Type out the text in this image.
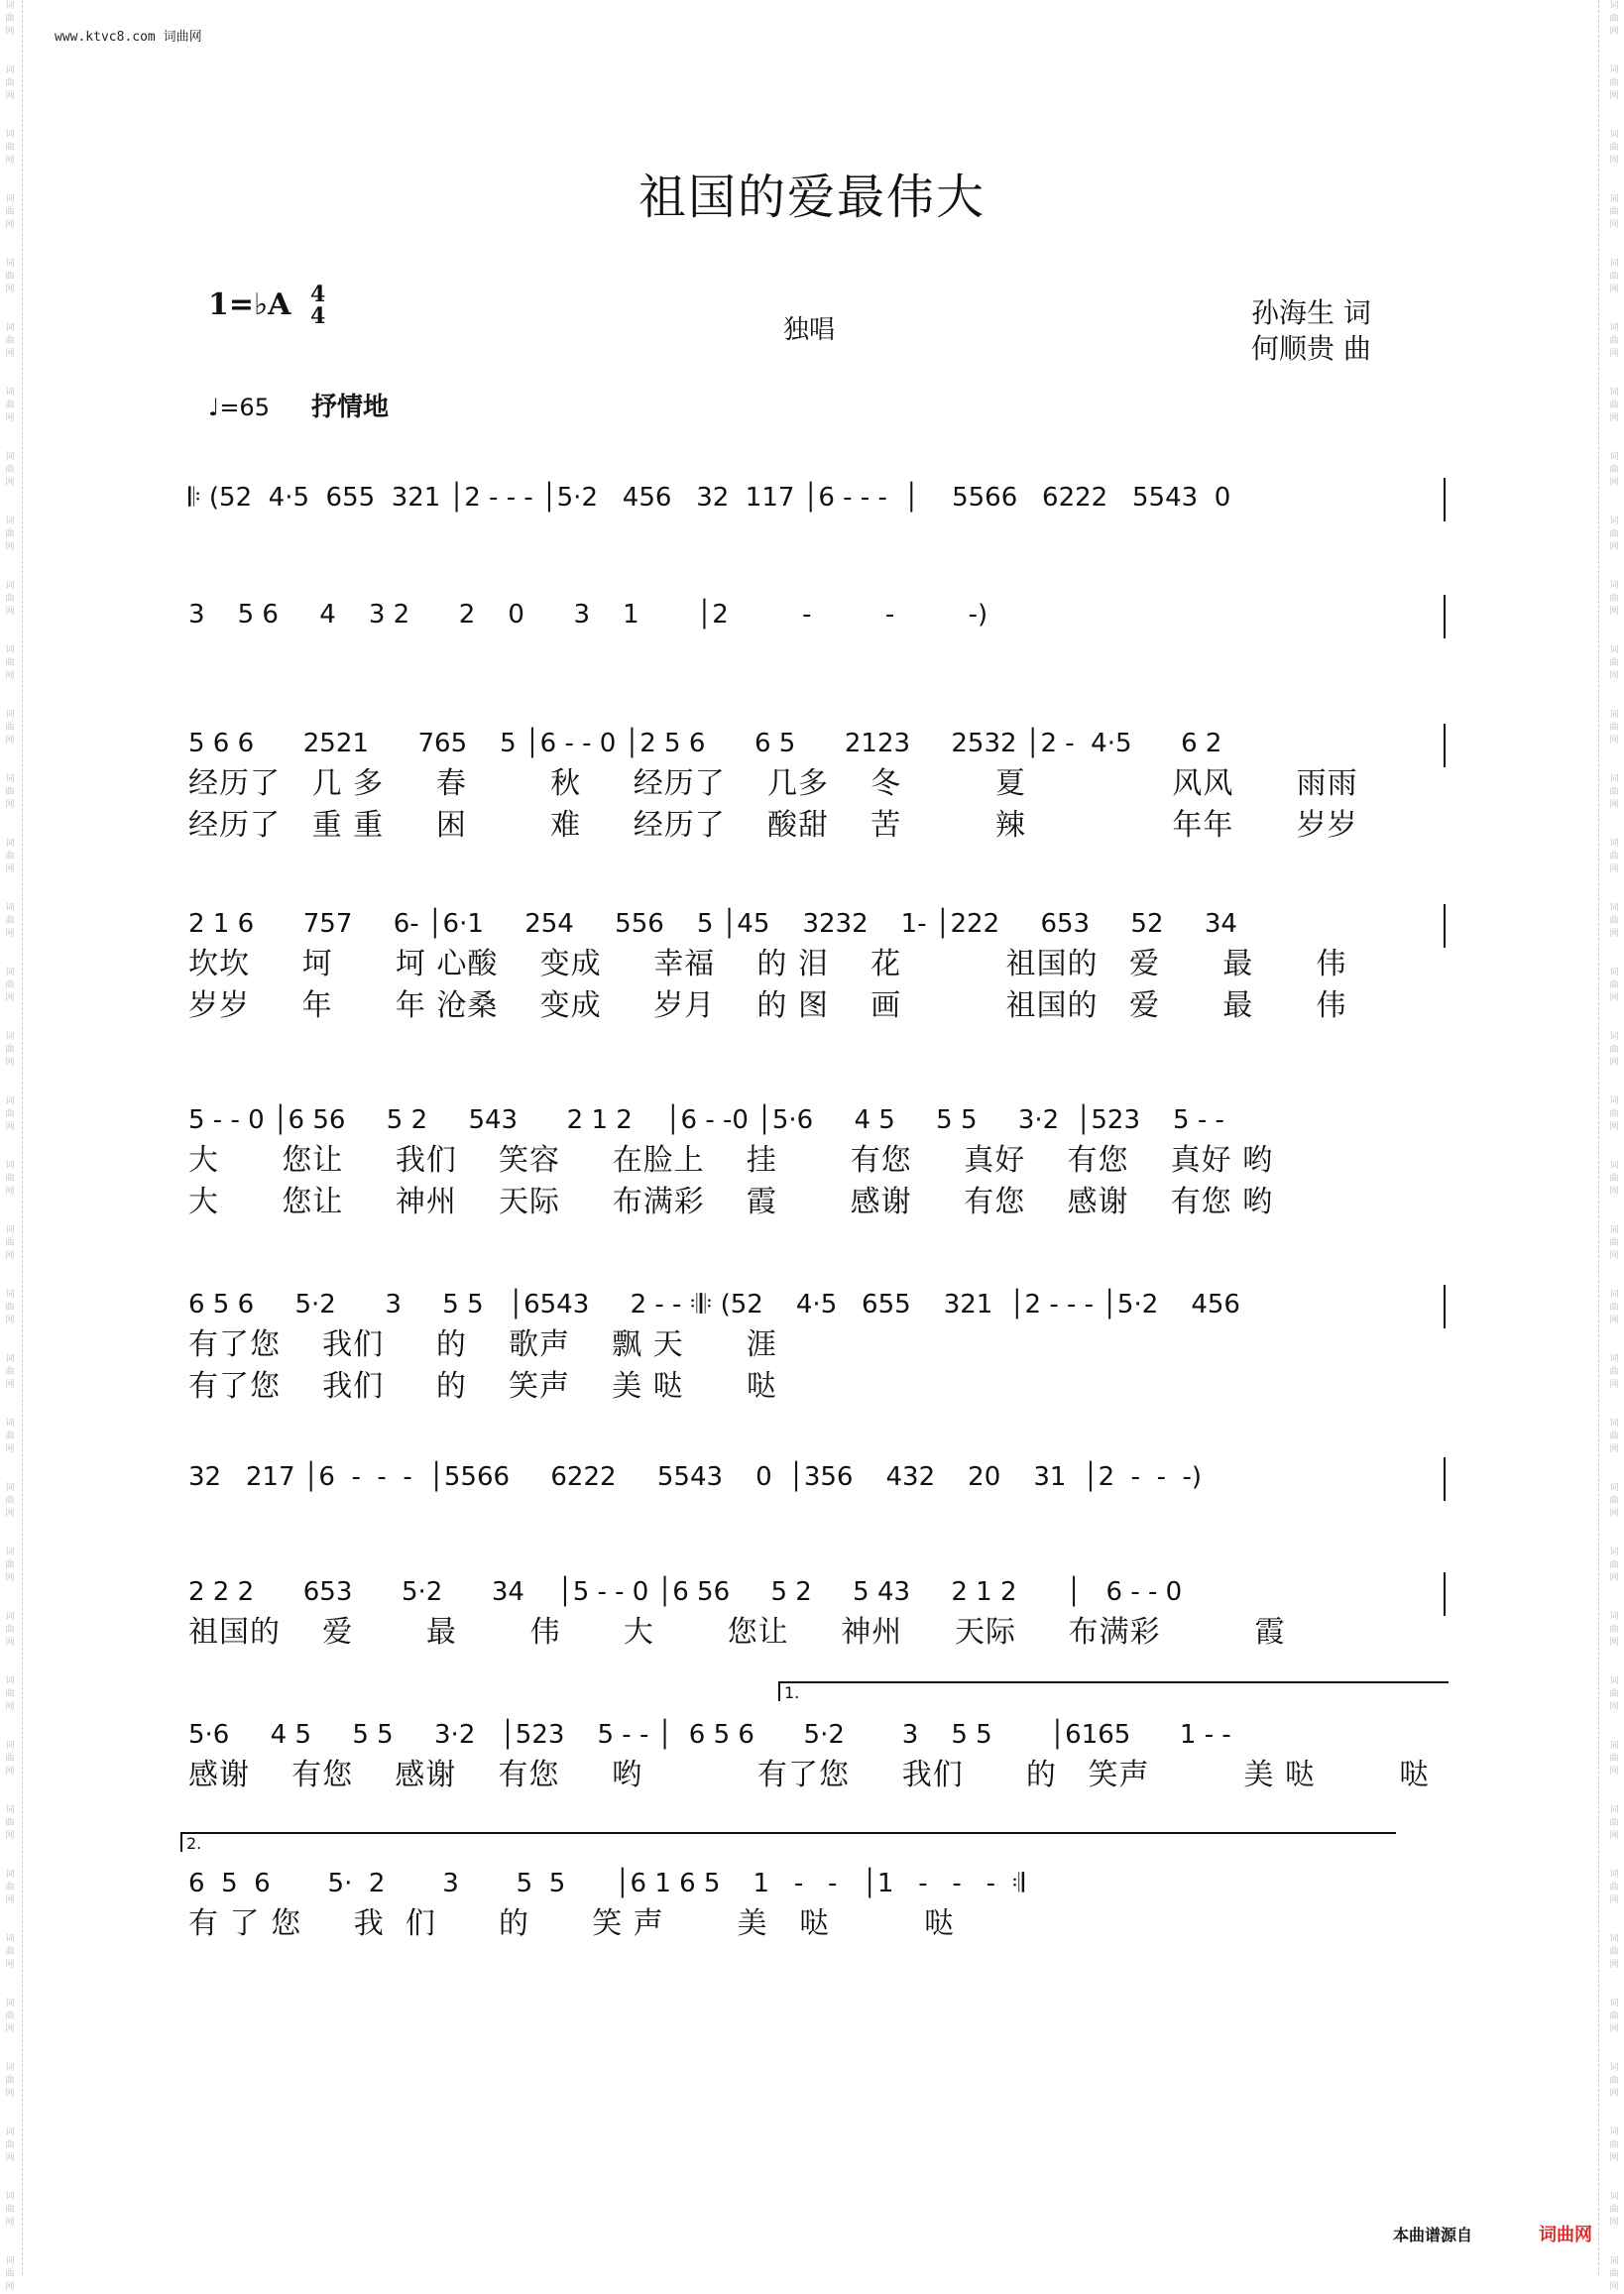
词
曲
网

词
曲
网

词
曲
网

词
曲
网

词
曲
网

词
曲
网

词
曲
网

词
曲
网

词
曲
网

词
曲
网

词
曲
网

词
曲
网

词
曲
网

词
曲
网

词
曲
网

词
曲
网

词
曲
网

词
曲
网

词
曲
网

词
曲
网

词
曲
网

词
曲
网

词
曲
网

词
曲
网

词
曲
网

词
曲
网

词
曲
网

词
曲
网

词
曲
网

词
曲
网

词
曲
网

词
曲
网

词
曲
网

词
曲
网

词
曲
网

词
曲
网
词
曲
网

词
曲
网

词
曲
网

词
曲
网

词
曲
网

词
曲
网

词
曲
网

词
曲
网

词
曲
网

词
曲
网

词
曲
网

词
曲
网

词
曲
网

词
曲
网

词
曲
网

词
曲
网

词
曲
网

词
曲
网

词
曲
网

词
曲
网

词
曲
网

词
曲
网

词
曲
网

词
曲
网

词
曲
网

词
曲
网

词
曲
网

词
曲
网

词
曲
网

词
曲
网

词
曲
网

词
曲
网

词
曲
网

词
曲
网

词
曲
网

词
曲
网
www.ktvc8.com 词曲网
祖国的爱最伟大
1=♭A 4
4	独唱
孙海生 词
何顺贵 曲
♩=65 抒情地
𝄆 (52  4·5  655  321 │2 - - - │5·2   456   32  117 │6 - - -  │    5566   6222   5543  0
3    5 6     4    3 2      2    0      3    1       │2         -         -         -)
5 6 6      2521      765    5 │6 - - 0 │2 5 6      6 5      2123     2532 │2 -  4·5      6 2
经历了   几 多     春        秋     经历了    几多    冬         夏              风风      雨雨
经历了   重 重     困        难     经历了    酸甜    苦         辣              年年      岁岁
2 1 6      757     6- │6·1     254     556    5 │45    3232    1- │222     653     52     34
坎坎     坷      坷 心酸    变成     幸福    的 泪    花          祖国的   爱      最      伟
岁岁     年      年 沧桑    变成     岁月    的 图    画          祖国的   爱      最      伟
5 - - 0 │6 56     5 2     543      2 1 2    │6 - -0 │5·6     4 5     5 5     3·2  │523    5 - -
大      您让     我们    笑容     在脸上    挂       有您     真好    有您    真好 哟
大      您让     神州    天际     布满彩    霞       感谢     有您    感谢    有您 哟
6 5 6     5·2      3     5 5   │6543     2 - - 𝄇𝄆 (52    4·5   655    321  │2 - - - │5·2    456
有了您    我们     的    歌声    飘 天      涯
有了您    我们     的    笑声    美 哒      哒
32   217 │6  -  -  -  │5566     6222     5543    0  │356    432    20    31  │2  -  -  -)
2 2 2      653      5·2      34    │5 - - 0 │6 56     5 2     5 43     2 1 2      │   6 - - 0
祖国的    爱       最       伟      大       您让     神州     天际     布满彩         霞
1.
5·6     4 5     5 5     3·2   │523    5 - - │  6 5 6      5·2       3    5 5       │6165      1 - -
感谢    有您    感谢    有您     哟           有了您     我们      的   笑声         美 哒        哒
2.
6  5  6       5·  2       3       5  5      │6 1 6 5    1   -   -   │1   -   -   -  𝄇
有 了 您     我  们      的      笑 声       美   哒         哒
本曲谱源自	词曲网
